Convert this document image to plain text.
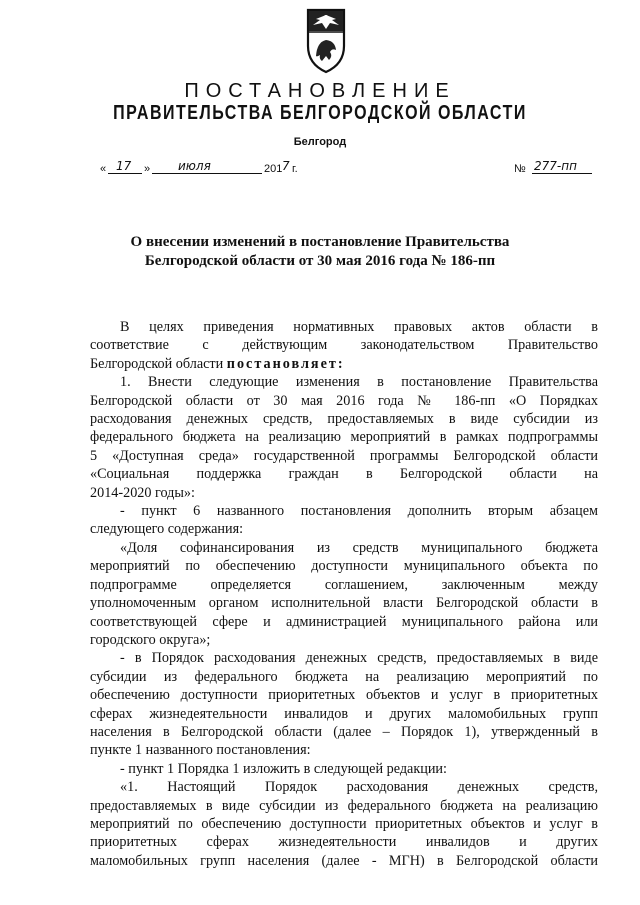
ПОСТАНОВЛЕНИЕ
ПРАВИТЕЛЬСТВА БЕЛГОРОДСКОЙ ОБЛАСТИ
Белгород
« 17 » июля	201 7 г.	№ 277-пп
О внесении изменений в постановление Правительства
Белгородской области от 30 мая 2016 года № 186-пп

В целях приведения нормативных правовых актов области в

соответствие с действующим законодательством Правительство

Белгородской области постановляет:

1. Внести следующие изменения в постановление Правительства

Белгородской области от 30 мая 2016 года № 186-пп «О Порядках

расходования денежных средств, предоставляемых в виде субсидии из

федерального бюджета на реализацию мероприятий в рамках подпрограммы

5 «Доступная среда» государственной программы Белгородской области

«Социальная поддержка граждан в Белгородской области на

2014-2020 годы»:

- пункт 6 названного постановления дополнить вторым абзацем

следующего содержания:

«Доля софинансирования из средств муниципального бюджета

мероприятий по обеспечению доступности муниципального объекта по

подпрограмме определяется соглашением, заключенным между

уполномоченным органом исполнительной власти Белгородской области в

соответствующей сфере и администрацией муниципального района или

городского округа»;

- в Порядок расходования денежных средств, предоставляемых в виде

субсидии из федерального бюджета на реализацию мероприятий по

обеспечению доступности приоритетных объектов и услуг в приоритетных

сферах жизнедеятельности инвалидов и других маломобильных групп

населения в Белгородской области (далее – Порядок 1), утвержденный в

пункте 1 названного постановления:

- пункт 1 Порядка 1 изложить в следующей редакции:

«1. Настоящий Порядок расходования денежных средств,

предоставляемых в виде субсидии из федерального бюджета на реализацию

мероприятий по обеспечению доступности приоритетных объектов и услуг в

приоритетных сферах жизнедеятельности инвалидов и других

маломобильных групп населения (далее - МГН) в Белгородской области
